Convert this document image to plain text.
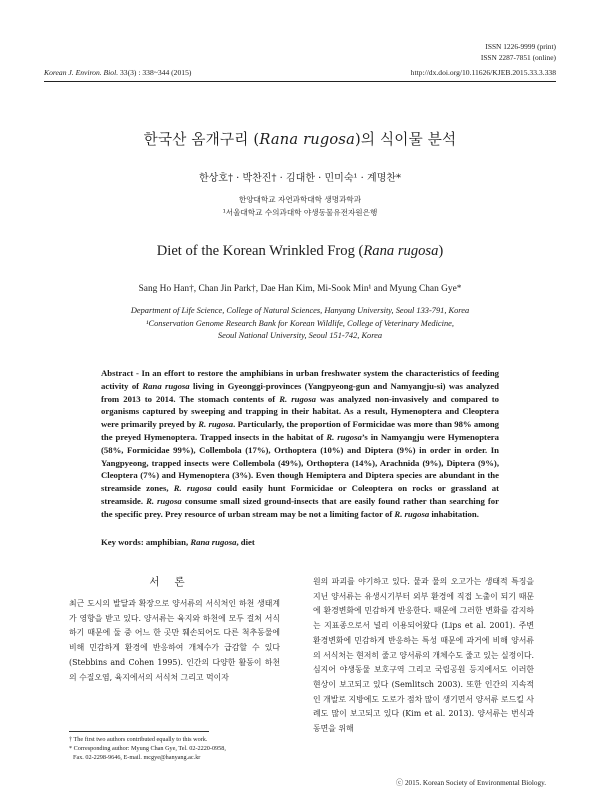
ISSN 1226-9999 (print)
ISSN 2287-7851 (online)
Korean J. Environ. Biol. 33(3) : 338~344 (2015)	http://dx.doi.org/10.11626/KJEB.2015.33.3.338
한국산 옴개구리 (Rana rugosa)의 식이물 분석
한상호† · 박찬진† · 김대한 · 민미숙¹ · 계명찬*
한양대학교 자연과학대학 생명과학과
¹서울대학교 수의과대학 야생동물유전자원은행
Diet of the Korean Wrinkled Frog (Rana rugosa)
Sang Ho Han†, Chan Jin Park†, Dae Han Kim, Mi-Sook Min¹ and Myung Chan Gye*
Department of Life Science, College of Natural Sciences, Hanyang University, Seoul 133-791, Korea
¹Conservation Genome Research Bank for Korean Wildlife, College of Veterinary Medicine,
Seoul National University, Seoul 151-742, Korea
Abstract - In an effort to restore the amphibians in urban freshwater system the characteristics of feeding activity of Rana rugosa living in Gyeonggi-provinces (Yangpyeong-gun and Namyangju-si) was analyzed from 2013 to 2014. The stomach contents of R. rugosa was analyzed non-invasively and compared to organisms captured by sweeping and trapping in their habitat. As a result, Hymenoptera and Cleoptera were primarily preyed by R. rugosa. Particularly, the proportion of Formicidae was more than 98% among the preyed Hymenoptera. Trapped insects in the habitat of R. rugosa’s in Namyangju were Hymenoptera (58%, Formicidae 99%), Collembola (17%), Orthoptera (10%) and Diptera (9%) in order in order. In Yangpyeong, trapped insects were Collembola (49%), Orthoptera (14%), Arachnida (9%), Diptera (9%), Cleoptera (7%) and Hymenoptera (3%). Even though Hemiptera and Diptera species are abundant in the streamside zones, R. rugosa could easily hunt Formicidae or Coleoptera on rocks or grassland at streamside. R. rugosa consume small sized ground-insects that are easily found rather than searching for the specific prey. Prey resource of urban stream may be not a limiting factor of R. rugosa inhabitation.
Key words: amphibian, Rana rugosa, diet
서론
최근 도시의 발달과 확장으로 양서류의 서식처인 하천 생태계가 영향을 받고 있다. 양서류는 육지와 하천에 모두 걸쳐 서식하기 때문에 둘 중 어느 한 곳만 훼손되어도 다른 척추동물에 비해 민감하게 환경에 반응하여 개체수가 급감할 수 있다 (Stebbins and Cohen 1995). 인간의 다양한 활동이 하천의 수질오염, 육지에서의 서식처 그리고 먹이자
원의 파괴를 야기하고 있다. 뭍과 물의 오고가는 생태적 특징을 지닌 양서류는 유생시기부터 외부 환경에 직접 노출이 되기 때문에 환경변화에 민감하게 반응한다. 때문에 그러한 변화를 감지하는 지표종으로서 널리 이용되어왔다 (Lips et al. 2001). 주변 환경변화에 민감하게 반응하는 특성 때문에 과거에 비해 양서류의 서식처는 현저히 줄고 양서류의 개체수도 줄고 있는 실정이다. 심지어 야생동물 보호구역 그리고 국립공원 등지에서도 이러한 현상이 보고되고 있다 (Semlitsch 2003). 또한 인간의 지속적인 개발로 지방에도 도로가 점차 많이 생기면서 양서류 로드킬 사례도 많이 보고되고 있다 (Kim et al. 2013). 양서류는 번식과 동면을 위해
† The first two authors contributed equally to this work.
* Corresponding author: Myung Chan Gye, Tel. 02-2220-0958,
Fax. 02-2298-9646, E-mail. mcgye@hanyang.ac.kr
ⓒ 2015. Korean Society of Environmental Biology.
